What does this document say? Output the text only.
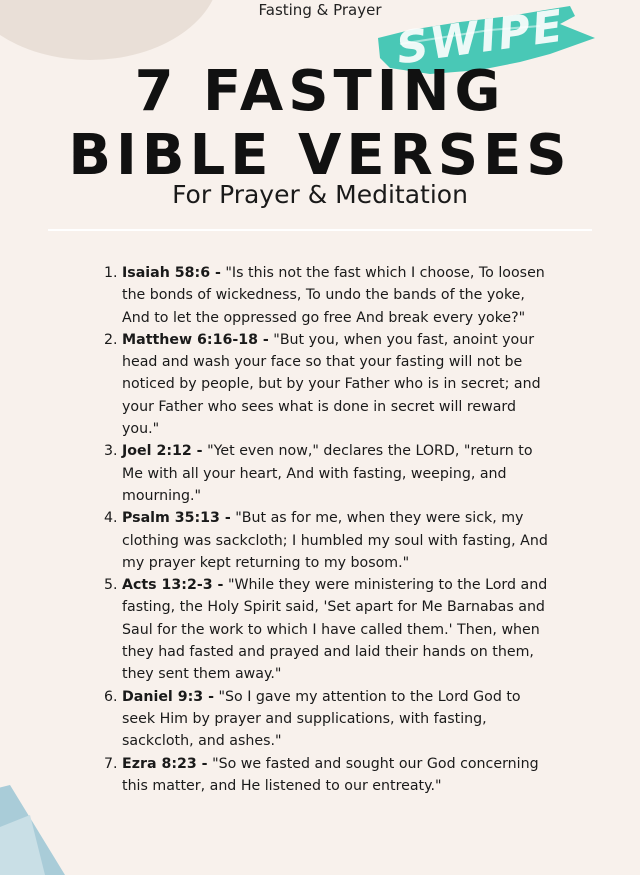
Fasting & Prayer SWIPE
7 FASTING
BIBLE VERSES
For Prayer & Meditation
1. Isaiah 58:6 - "Is this not the fast which I choose, To loosen the bonds of wickedness, To undo the bands of the yoke, And to let the oppressed go free And break every yoke?"
2. Matthew 6:16-18 - "But you, when you fast, anoint your head and wash your face so that your fasting will not be noticed by people, but by your Father who is in secret; and your Father who sees what is done in secret will reward you."
3. Joel 2:12 - "Yet even now," declares the LORD, "return to Me with all your heart, And with fasting, weeping, and mourning."
4. Psalm 35:13 - "But as for me, when they were sick, my clothing was sackcloth; I humbled my soul with fasting, And my prayer kept returning to my bosom."
5. Acts 13:2-3 - "While they were ministering to the Lord and fasting, the Holy Spirit said, 'Set apart for Me Barnabas and Saul for the work to which I have called them.' Then, when they had fasted and prayed and laid their hands on them, they sent them away."
6. Daniel 9:3 - "So I gave my attention to the Lord God to seek Him by prayer and supplications, with fasting, sackcloth, and ashes."
7. Ezra 8:23 - "So we fasted and sought our God concerning this matter, and He listened to our entreaty."
